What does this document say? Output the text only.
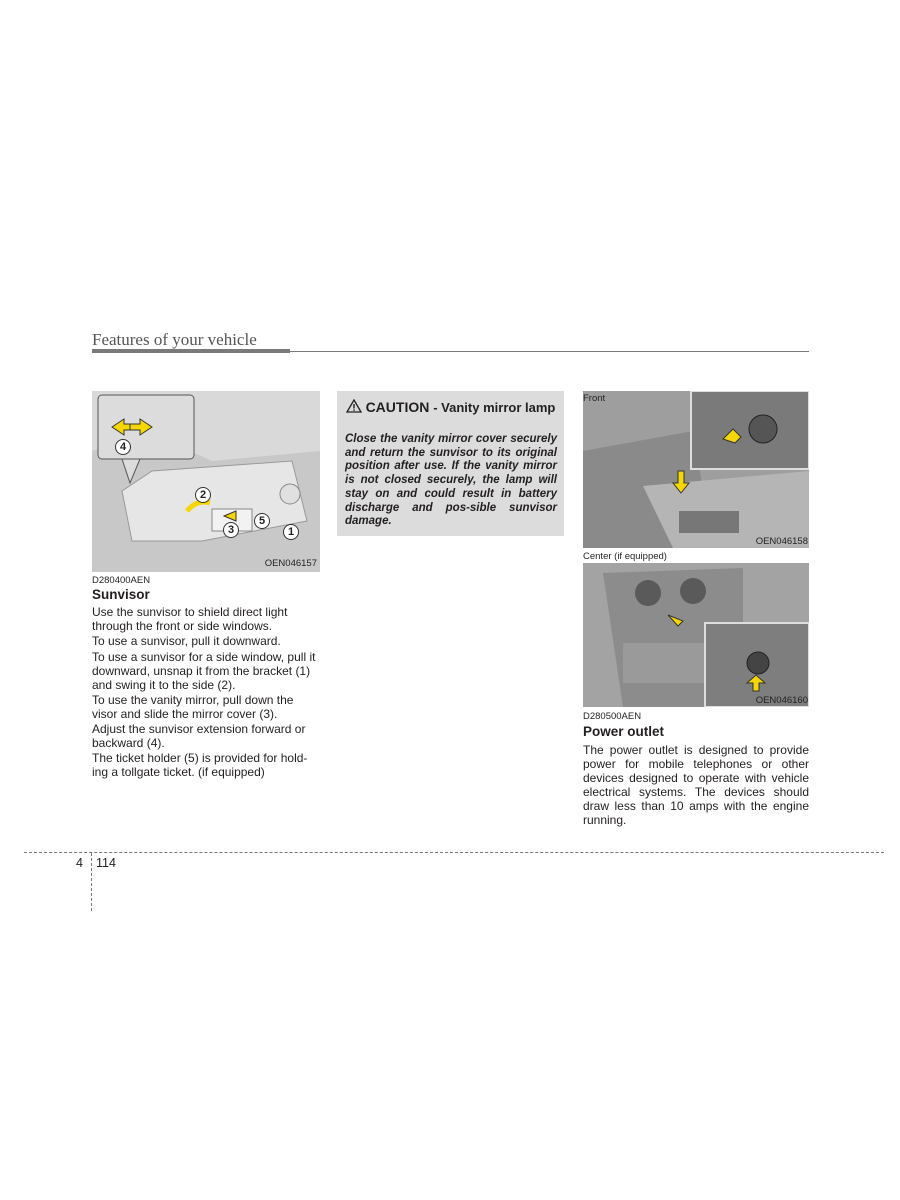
Features of your vehicle
4
2
5
3	1
OEN046157
D280400AEN
Sunvisor

Use the sunvisor to shield direct light through the front or side windows.

To use a sunvisor, pull it downward.

To use a sunvisor for a side window, pull it downward, unsnap it from the bracket (1) and swing it to the side (2).

To use the vanity mirror, pull down the visor and slide the mirror cover (3).

Adjust the sunvisor extension forward or backward (4).

The ticket holder (5) is provided for hold-ing a tollgate ticket. (if equipped)

CAUTION - Vanity mirror lamp

Close the vanity mirror cover securely and return the sunvisor to its original position after use. If the vanity mirror is not closed securely, the lamp will stay on and could result in battery discharge and pos-sible sunvisor damage.

Front
OEN046158
Center (if equipped)
OEN046160
D280500AEN
Power outlet

The power outlet is designed to provide power for mobile telephones or other devices designed to operate with vehicle electrical systems. The devices should draw less than 10 amps with the engine running.

4 114
